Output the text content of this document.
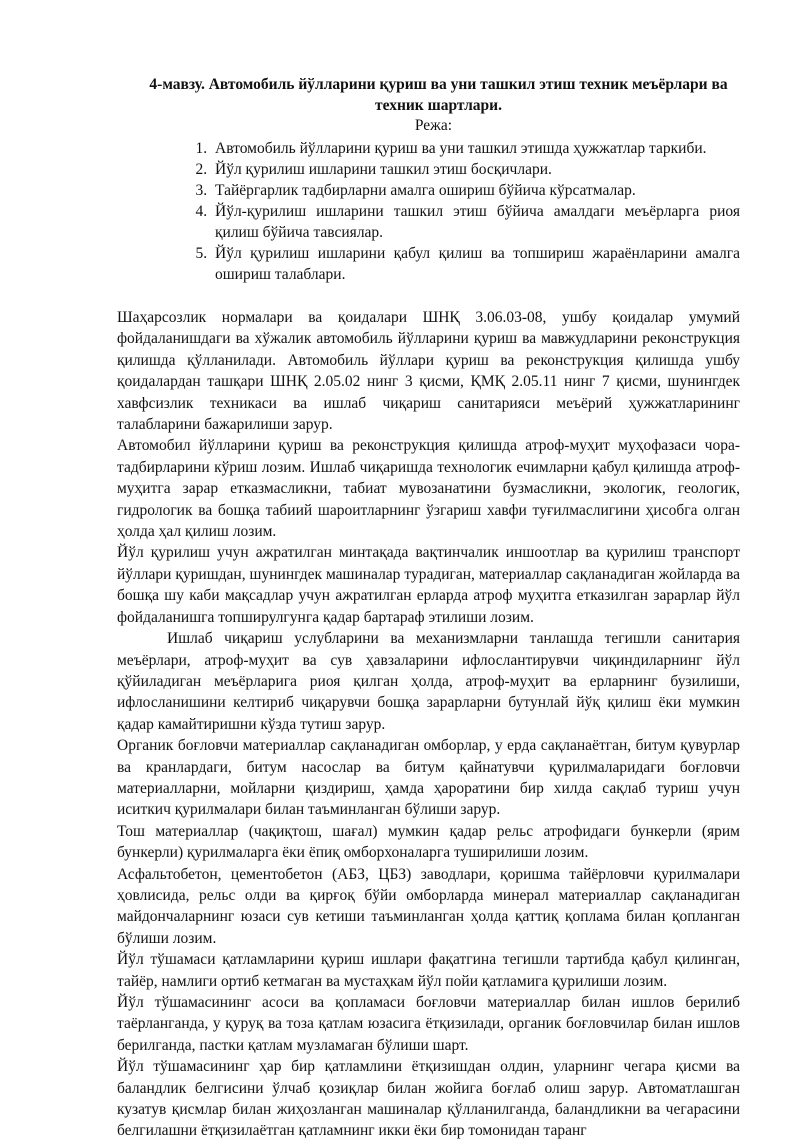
4-мавзу. Автомобиль йўлларини қуриш ва уни ташкил этиш техник меъёрлари ва техник шартлари.
Режа:
1. Автомобиль йўлларини қуриш ва уни ташкил этишда ҳужжатлар таркиби.
2. Йўл қурилиш ишларини ташкил этиш босқичлари.
3. Тайёргарлик тадбирларни амалга ошириш бўйича кўрсатмалар.
4. Йўл-қурилиш ишларини ташкил этиш бўйича амалдаги меъёрларга риоя қилиш бўйича тавсиялар.
5. Йўл қурилиш ишларини қабул қилиш ва топшириш жараёнларини амалга ошириш талаблари.

Шаҳарсозлик нормалари ва қоидалари ШНҚ 3.06.03-08, ушбу қоидалар умумий фойдаланишдаги ва хўжалик автомобиль йўлларини қуриш ва мавжудларини реконструкция қилишда қўлланилади. Автомобиль йўллари қуриш ва реконструкция қилишда ушбу қоидалардан ташқари ШНҚ 2.05.02 нинг 3 қисми, ҚМҚ 2.05.11 нинг 7 қисми, шунингдек хавфсизлик техникаси ва ишлаб чиқариш санитарияси меъёрий ҳужжатларининг талабларини бажарилиши зарур.

Автомобил йўлларини қуриш ва реконструкция қилишда атроф-муҳит муҳофазаси чора-тадбирларини кўриш лозим. Ишлаб чиқаришда технологик ечимларни қабул қилишда атроф-муҳитга зарар етказмасликни, табиат мувозанатини бузмасликни, экологик, геологик, гидрологик ва бошқа табиий шароитларнинг ўзгариш хавфи туғилмаслигини ҳисобга олган ҳолда ҳал қилиш лозим.

Йўл қурилиш учун ажратилган минтақада вақтинчалик иншоотлар ва қурилиш транспорт йўллари қуришдан, шунингдек машиналар турадиган, материаллар сақланадиган жойларда ва бошқа шу каби мақсадлар учун ажратилган ерларда атроф муҳитга етказилган зарарлар йўл фойдаланишга топширулгунга қадар бартараф этилиши лозим.

Ишлаб чиқариш услубларини ва механизмларни танлашда тегишли санитария меъёрлари, атроф-муҳит ва сув ҳавзаларини ифлослантирувчи чиқиндиларнинг йўл қўйиладиган меъёрларига риоя қилган ҳолда, атроф-муҳит ва ерларнинг бузилиши, ифлосланишини келтириб чиқарувчи бошқа зарарларни бутунлай йўқ қилиш ёки мумкин қадар камайтиришни кўзда тутиш зарур.

Органик боғловчи материаллар сақланадиган омборлар, у ерда сақланаётган, битум қувурлар ва кранлардаги, битум насослар ва битум қайнатувчи қурилмаларидаги боғловчи материалларни, мойларни қиздириш, ҳамда ҳароратини бир хилда сақлаб туриш учун иситкич қурилмалари билан таъминланган бўлиши зарур.

Тош материаллар (чақиқтош, шағал) мумкин қадар рельс атрофидаги бункерли (ярим бункерли) қурилмаларга ёки ёпиқ омборхоналарга туширилиши лозим.

Асфальтобетон, цементобетон (АБЗ, ЦБЗ) заводлари, қоришма тайёрловчи қурилмалари ҳовлисида, рельс олди ва қирғоқ бўйи омборларда минерал материаллар сақланадиган майдончаларнинг юзаси сув кетиши таъминланган ҳолда қаттиқ қоплама билан қопланган бўлиши лозим.

Йўл тўшамаси қатламларини қуриш ишлари фақатгина тегишли тартибда қабул қилинган, тайёр, намлиги ортиб кетмаган ва мустаҳкам йўл пойи қатламига қурилиши лозим.

Йўл тўшамасининг асоси ва қопламаси боғловчи материаллар билан ишлов берилиб таёрланганда, у қуруқ ва тоза қатлам юзасига ётқизилади, органик боғловчилар билан ишлов берилганда, пастки қатлам музламаган бўлиши шарт.

Йўл тўшамасининг ҳар бир қатламлини ётқизишдан олдин, уларнинг чегара қисми ва баландлик белгисини ўлчаб қозиқлар билан жойига боғлаб олиш зарур. Автоматлашган кузатув қисмлар билан жиҳозланган машиналар қўлланилганда, баландликни ва чегарасини белгилашни ётқизилаётган қатламнинг икки ёки бир томонидан таранг
